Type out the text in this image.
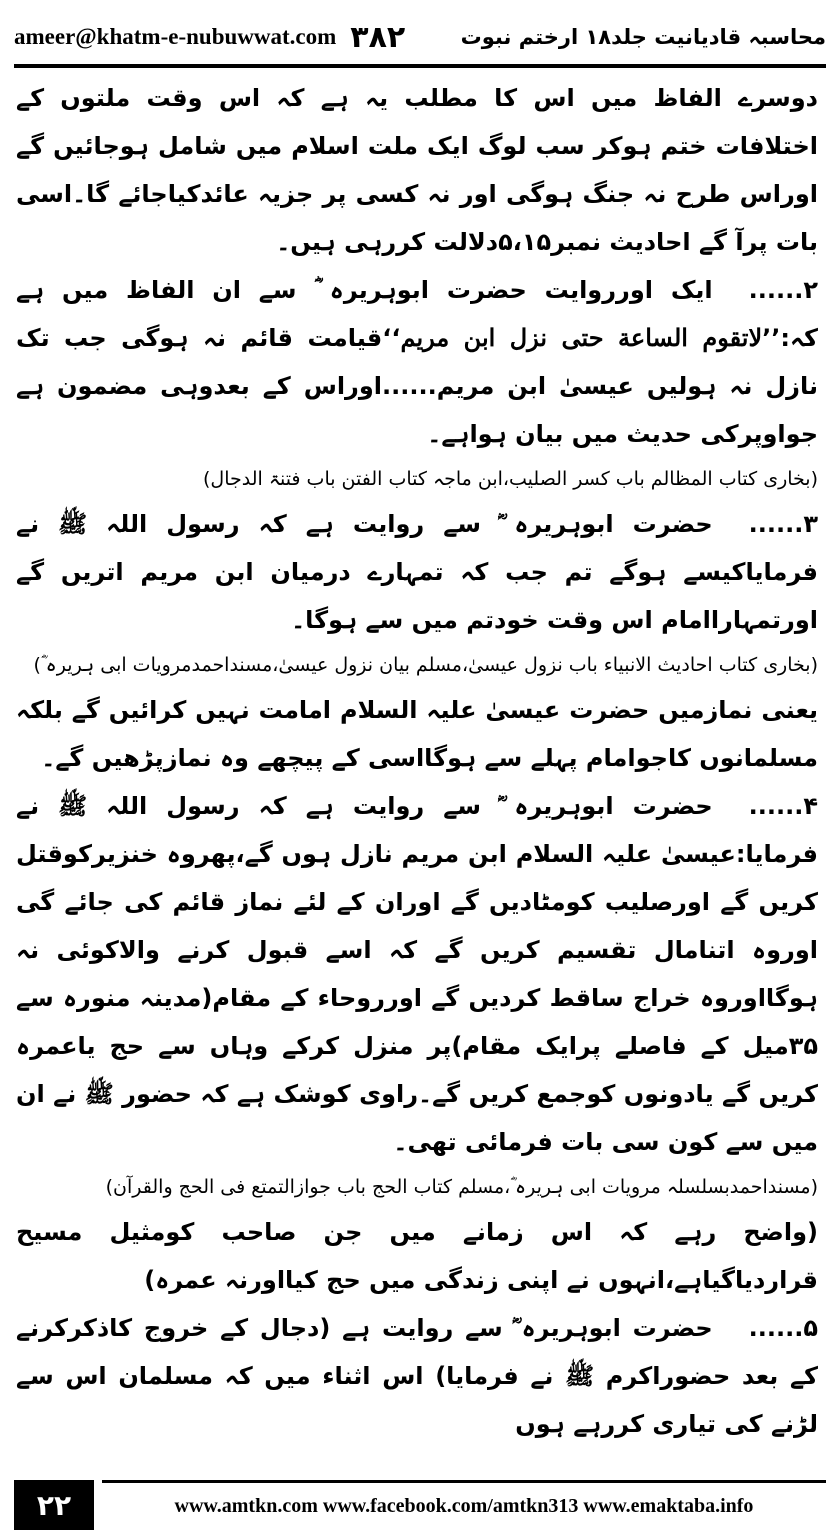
ameer@khatm-e-nubuwwat.com ۳۸۲	محاسبہ قادیانیت جلد۱۸ ارختم نبوت

دوسرے الفاظ میں اس کا مطلب یہ ہے کہ اس وقت ملتوں کے اختلافات ختم ہوکر سب لوگ ایک ملت اسلام میں شامل ہوجائیں گے اوراس طرح نہ جنگ ہوگی اور نہ کسی پر جزیہ عائدکیاجائے گا۔اسی بات پرآ گے احادیث نمبر۵،۱۵دلالت کررہی ہیں۔

۲......ایک اورروایت حضرت ابوہریرہ ؓ سے ان الفاظ میں ہے کہ:’’لاتقوم الساعة حتى نزل ابن مريم‘‘قیامت قائم نہ ہوگی جب تک نازل نہ ہولیں عیسیٰ ابن مریم......اوراس کے بعدوہی مضمون ہے جواوپرکی حدیث میں بیان ہواہے۔

(بخاری کتاب المظالم باب کسر الصلیب،ابن ماجہ کتاب الفتن باب فتنۃ الدجال)

۳......حضرت ابوہریرہ ؓ سے روایت ہے کہ رسول اللہ ﷺ نے فرمایاکیسے ہوگے تم جب کہ تمہارے درمیان ابن مریم اتریں گے اورتمہاراامام اس وقت خودتم میں سے ہوگا۔

(بخاری کتاب احادیث الانبیاء باب نزول عیسیٰ،مسلم بیان نزول عیسیٰ،مسنداحمدمرویات ابی ہریرہ ؓ)

یعنی نمازمیں حضرت عیسیٰ علیہ السلام امامت نہیں کرائیں گے بلکہ مسلمانوں کاجوامام پہلے سے ہوگااسی کے پیچھے وہ نمازپڑھیں گے۔

۴......حضرت ابوہریرہ ؓ سے روایت ہے کہ رسول اللہ ﷺ نے فرمایا:عیسیٰ علیہ السلام ابن مریم نازل ہوں گے،پھروہ خنزیرکوقتل کریں گے اورصلیب کومٹادیں گے اوران کے لئے نماز قائم کی جائے گی اوروہ اتنامال تقسیم کریں گے کہ اسے قبول کرنے والاکوئی نہ ہوگااوروہ خراج ساقط کردیں گے اورروحاء کے مقام(مدینہ منورہ سے ۳۵میل کے فاصلے پرایک مقام)پر منزل کرکے وہاں سے حج یاعمرہ کریں گے یادونوں کوجمع کریں گے۔راوی کوشک ہے کہ حضور ﷺ نے ان میں سے کون سی بات فرمائی تھی۔

(مسنداحمدبسلسلہ مرویات ابی ہریرہ ؓ،مسلم کتاب الحج باب جوازالتمتع فی الحج والقرآن)

(واضح رہے کہ اس زمانے میں جن صاحب کومثیل مسیح قراردیاگیاہے،انہوں نے اپنی زندگی میں حج کیااورنہ عمرہ)

۵......حضرت ابوہریرہ ؓ سے روایت ہے (دجال کے خروج کاذکرکرنے کے بعد حضوراکرم ﷺ نے فرمایا) اس اثناء میں کہ مسلمان اس سے لڑنے کی تیاری کررہے ہوں

۲۲	www.amtkn.com www.facebook.com/amtkn313 www.emaktaba.info
